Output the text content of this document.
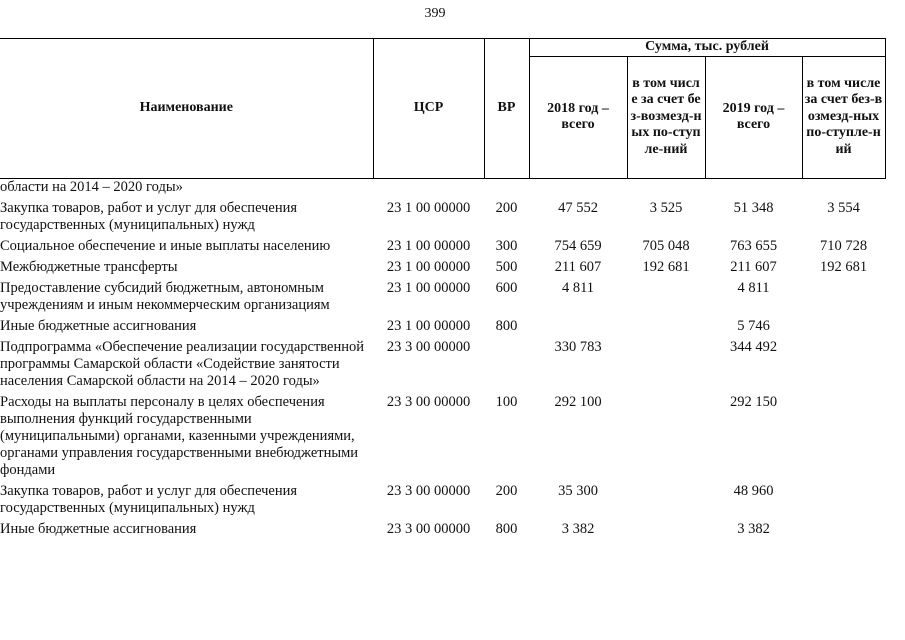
399
Наименование	ЦСР	ВР	Сумма, тыс. рублей			
			2018 год – всего	в том числе за счет без-возмезд-ных по-ступле-ний	2019 год – всего	в том числе за счет без-возмезд-ных по-ступле-ний
области на 2014 – 2020 годы»						
Закупка товаров, работ и услуг для обеспечения государственных (муниципальных) нужд	23 1 00 00000	200	47 552	3 525	51 348	3 554
Социальное обеспечение и иные выплаты населению	23 1 00 00000	300	754 659	705 048	763 655	710 728
Межбюджетные трансферты	23 1 00 00000	500	211 607	192 681	211 607	192 681
Предоставление субсидий бюджетным, автономным учреждениям и иным некоммерческим организациям	23 1 00 00000	600	4 811		4 811	
Иные бюджетные ассигнования	23 1 00 00000	800			5 746	
Подпрограмма «Обеспечение реализации государственной программы Самарской области «Содействие занятости населения Самарской области на 2014 – 2020 годы»	23 3 00 00000		330 783		344 492	
Расходы на выплаты персоналу в целях обеспечения выполнения функций государственными (муниципальными) органами, казенными учреждениями, органами управления государственными внебюджетными фондами	23 3 00 00000	100	292 100		292 150	
Закупка товаров, работ и услуг для обеспечения государственных (муниципальных) нужд	23 3 00 00000	200	35 300		48 960	
Иные бюджетные ассигнования	23 3 00 00000	800	3 382		3 382	
